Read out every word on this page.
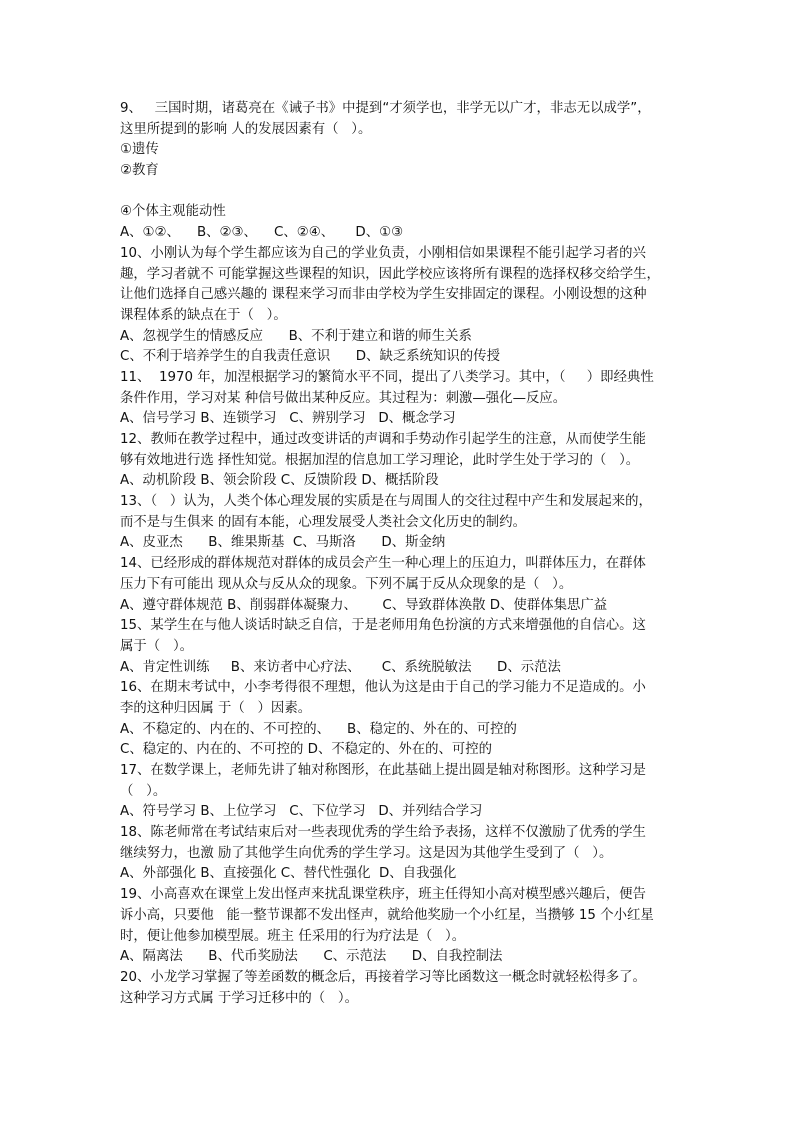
9、   三国时期，诸葛亮在《诫子书》中提到“才须学也，非学无以广才，非志无以成学”，
这里所提到的影响 人的发展因素有（   ）。
①遗传
②教育
④个体主观能动性
A、①②、    B、②③、    C、②④、     D、①③
10、小刚认为每个学生都应该为自己的学业负责，小刚相信如果课程不能引起学习者的兴
趣，学习者就不 可能掌握这些课程的知识，因此学校应该将所有课程的选择权移交给学生，
让他们选择自己感兴趣的 课程来学习而非由学校为学生安排固定的课程。小刚设想的这种
课程体系的缺点在于（   ）。
A、忽视学生的情感反应      B、不利于建立和谐的师生关系
C、不利于培养学生的自我责任意识      D、缺乏系统知识的传授
11、  1970 年，加涅根据学习的繁简水平不同，提出了八类学习。其中，（     ）即经典性
条件作用，学习对某 种信号做出某种反应。其过程为：刺激—强化—反应。
A、信号学习 B、连锁学习   C、辨别学习   D、概念学习
12、教师在教学过程中，通过改变讲话的声调和手势动作引起学生的注意，从而使学生能
够有效地进行选 择性知觉。根据加涅的信息加工学习理论，此时学生处于学习的（   ）。
A、动机阶段 B、领会阶段 C、反馈阶段 D、概括阶段
13、（   ）认为，人类个体心理发展的实质是在与周围人的交往过程中产生和发展起来的，
而不是与生俱来 的固有本能，心理发展受人类社会文化历史的制约。
A、皮亚杰      B、维果斯基  C、马斯洛      D、斯金纳
14、已经形成的群体规范对群体的成员会产生一种心理上的压迫力，叫群体压力，在群体
压力下有可能出 现从众与反从众的现象。下列不属于反从众现象的是（   ）。
A、遵守群体规范 B、削弱群体凝聚力、      C、导致群体涣散 D、使群体集思广益
15、某学生在与他人谈话时缺乏自信，于是老师用角色扮演的方式来增强他的自信心。这
属于（   ）。
A、肯定性训练     B、来访者中心疗法、     C、系统脱敏法      D、示范法
16、在期末考试中，小李考得很不理想，他认为这是由于自己的学习能力不足造成的。小
李的这种归因属 于（   ）因素。
A、不稳定的、内在的、不可控的、    B、稳定的、外在的、可控的
C、稳定的、内在的、不可控的 D、不稳定的、外在的、可控的
17、在数学课上，老师先讲了轴对称图形，在此基础上提出圆是轴对称图形。这种学习是
（   ）。
A、符号学习 B、上位学习   C、下位学习   D、并列结合学习
18、陈老师常在考试结束后对一些表现优秀的学生给予表扬，这样不仅激励了优秀的学生
继续努力，也激 励了其他学生向优秀的学生学习。这是因为其他学生受到了（   ）。
A、外部强化 B、直接强化 C、替代性强化  D、自我强化
19、小高喜欢在课堂上发出怪声来扰乱课堂秩序，班主任得知小高对模型感兴趣后，便告
诉小高，只要他   能一整节课都不发出怪声，就给他奖励一个小红星，当攒够 15 个小红星
时，便让他参加模型展。班主 任采用的行为疗法是（   ）。
A、隔离法      B、代币奖励法      C、示范法      D、自我控制法
20、小龙学习掌握了等差函数的概念后，再接着学习等比函数这一概念时就轻松得多了。
这种学习方式属 于学习迁移中的（   ）。
